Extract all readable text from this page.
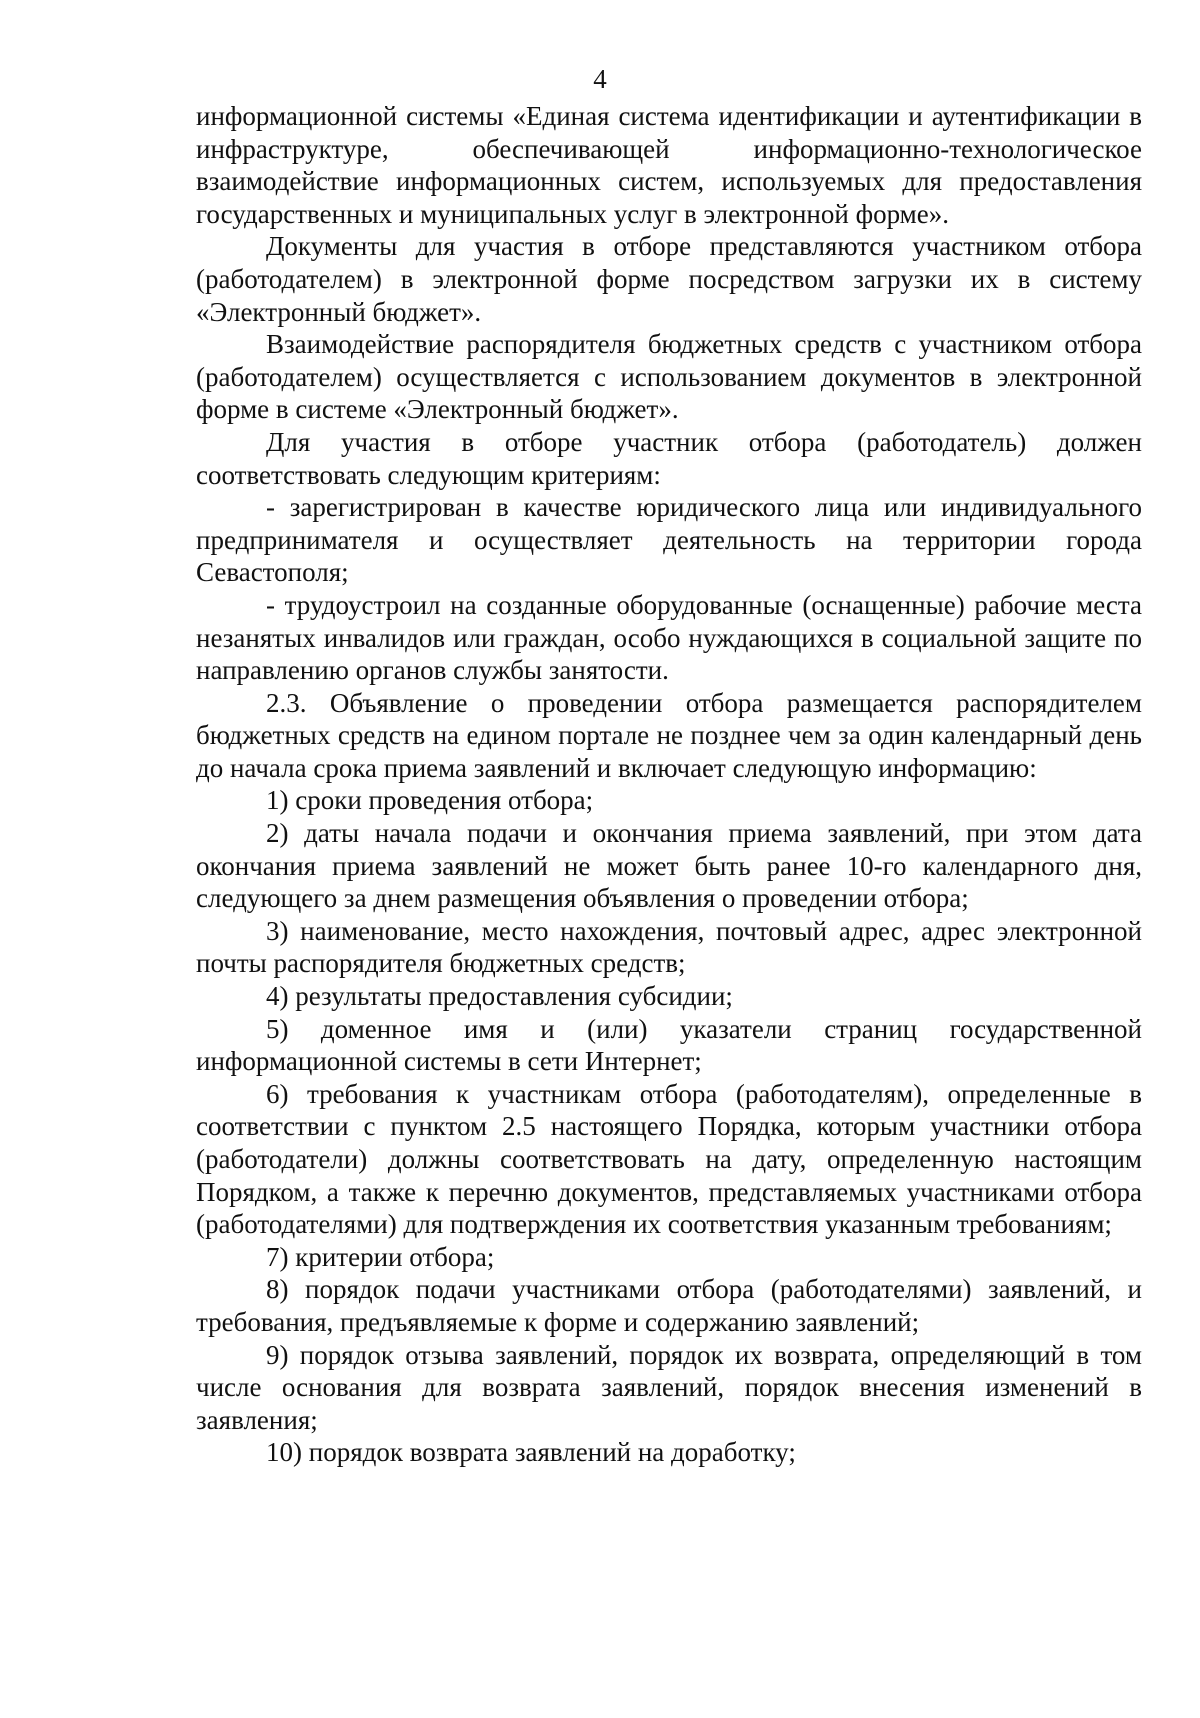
4

информационной системы «Единая система идентификации и аутентификации в инфраструктуре, обеспечивающей информационно-технологическое взаимодействие информационных систем, используемых для предоставления государственных и муниципальных услуг в электронной форме».

Документы для участия в отборе представляются участником отбора (работодателем) в электронной форме посредством загрузки их в систему «Электронный бюджет».

Взаимодействие распорядителя бюджетных средств с участником отбора (работодателем) осуществляется с использованием документов в электронной форме в системе «Электронный бюджет».

Для участия в отборе участник отбора (работодатель) должен соответствовать следующим критериям:

- зарегистрирован в качестве юридического лица или индивидуального предпринимателя и осуществляет деятельность на территории города Севастополя;

- трудоустроил на созданные оборудованные (оснащенные) рабочие места незанятых инвалидов или граждан, особо нуждающихся в социальной защите по направлению органов службы занятости.

2.3. Объявление о проведении отбора размещается распорядителем бюджетных средств на едином портале не позднее чем за один календарный день до начала срока приема заявлений и включает следующую информацию:

1) сроки проведения отбора;

2) даты начала подачи и окончания приема заявлений, при этом дата окончания приема заявлений не может быть ранее 10-го календарного дня, следующего за днем размещения объявления о проведении отбора;

3) наименование, место нахождения, почтовый адрес, адрес электронной почты распорядителя бюджетных средств;

4) результаты предоставления субсидии;

5) доменное имя и (или) указатели страниц государственной информационной системы в сети Интернет;

6) требования к участникам отбора (работодателям), определенные в соответствии с пунктом 2.5 настоящего Порядка, которым участники отбора (работодатели) должны соответствовать на дату, определенную настоящим Порядком, а также к перечню документов, представляемых участниками отбора (работодателями) для подтверждения их соответствия указанным требованиям;

7) критерии отбора;

8) порядок подачи участниками отбора (работодателями) заявлений, и требования, предъявляемые к форме и содержанию заявлений;

9) порядок отзыва заявлений, порядок их возврата, определяющий в том числе основания для возврата заявлений, порядок внесения изменений в заявления;

10) порядок возврата заявлений на доработку;
